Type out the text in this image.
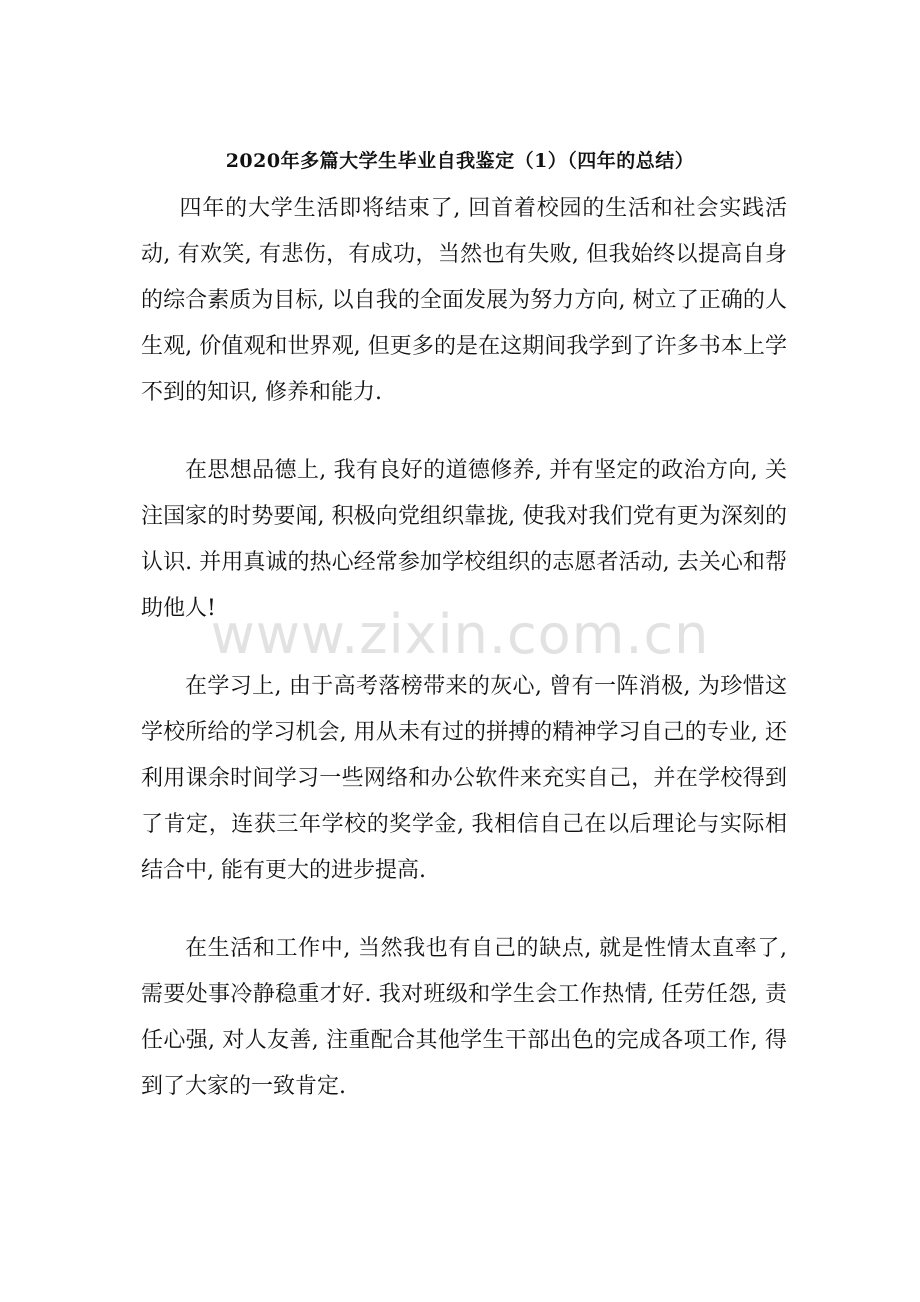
2020年多篇大学生毕业自我鉴定（1）（四年的总结）

四年的大学生活即将结束了, 回首着校园的生活和社会实践活动, 有欢笑, 有悲伤，有成功，当然也有失败, 但我始终以提高自身的综合素质为目标, 以自我的全面发展为努力方向, 树立了正确的人生观, 价值观和世界观, 但更多的是在这期间我学到了许多书本上学不到的知识, 修养和能力.

在思想品德上, 我有良好的道德修养, 并有坚定的政治方向, 关注国家的时势要闻, 积极向党组织靠拢, 使我对我们党有更为深刻的认识. 并用真诚的热心经常参加学校组织的志愿者活动, 去关心和帮助他人!

在学习上, 由于高考落榜带来的灰心, 曾有一阵消极, 为珍惜这学校所给的学习机会, 用从未有过的拼搏的精神学习自己的专业, 还利用课余时间学习一些网络和办公软件来充实自己，并在学校得到了肯定，连获三年学校的奖学金, 我相信自己在以后理论与实际相结合中, 能有更大的进步提高.

在生活和工作中, 当然我也有自己的缺点, 就是性情太直率了, 需要处事冷静稳重才好. 我对班级和学生会工作热情, 任劳任怨, 责任心强, 对人友善, 注重配合其他学生干部出色的完成各项工作, 得到了大家的一致肯定.

www.zixin.com.cn
